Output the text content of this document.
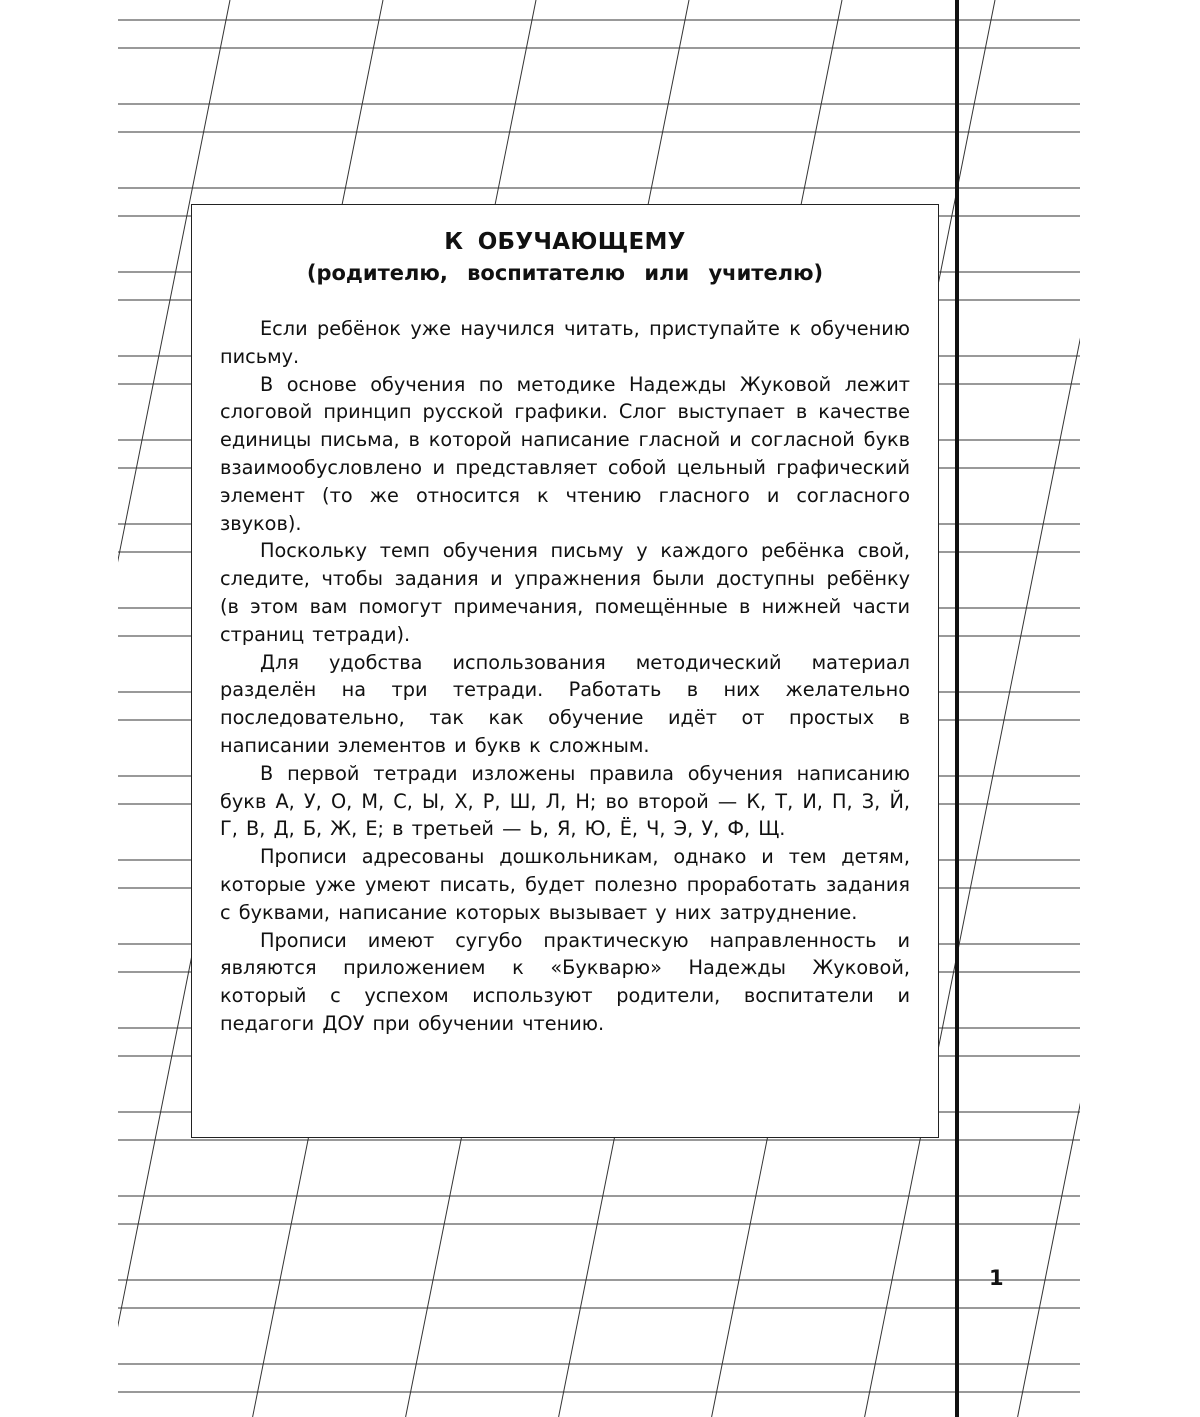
К ОБУЧАЮЩЕМУ

(родителю, воспитателю или учителю)

Если ребёнок уже научился читать, приступайте к обучению письму.

В основе обучения по методике Надежды Жуковой лежит слоговой принцип русской графики. Слог выступает в качестве единицы письма, в которой написание гласной и согласной букв взаимообусловлено и представляет собой цельный графический элемент (то же относится к чтению гласного и согласного звуков).

Поскольку темп обучения письму у каждого ребёнка свой, следите, чтобы задания и упражнения были доступны ребёнку (в этом вам помогут примечания, помещённые в нижней части страниц тетради).

Для удобства использования методический материал разделён на три тетради. Работать в них желательно последовательно, так как обучение идёт от простых в написании элементов и букв к сложным.

В первой тетради изложены правила обучения написанию букв А, У, О, М, С, Ы, Х, Р, Ш, Л, Н; во второй — К, Т, И, П, З, Й, Г, В, Д, Б, Ж, Е; в третьей — Ь, Я, Ю, Ё, Ч, Э, У, Ф, Щ.

Прописи адресованы дошкольникам, однако и тем детям, которые уже умеют писать, будет полезно проработать задания с буквами, написание которых вызывает у них затруднение.

Прописи имеют сугубо практическую направленность и являются приложением к «Букварю» Надежды Жуковой, который с успехом используют родители, воспитатели и педагоги ДОУ при обучении чтению.

1
